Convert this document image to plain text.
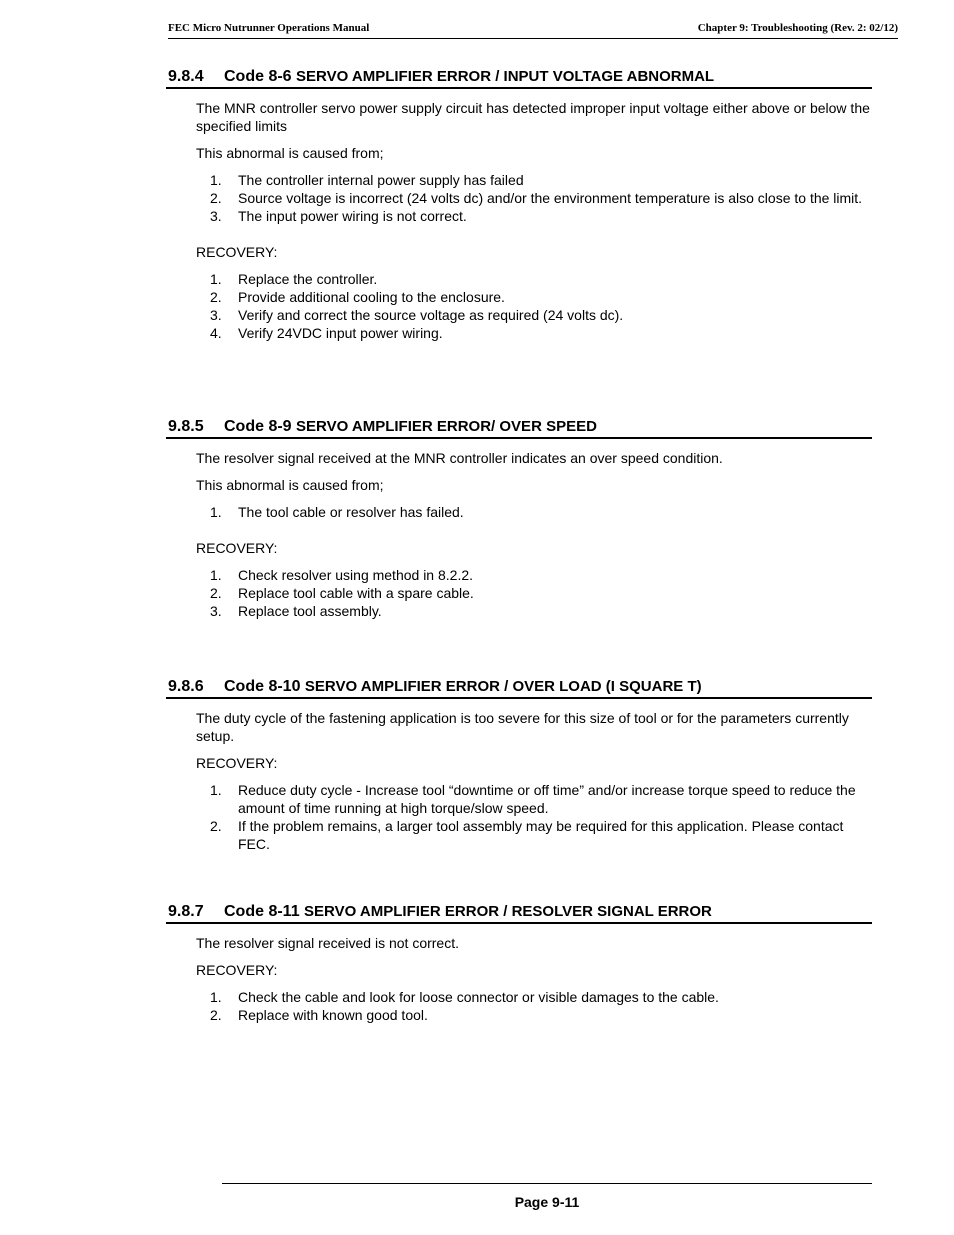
FEC Micro Nutrunner Operations Manual	Chapter 9: Troubleshooting (Rev. 2: 02/12)
9.8.4 Code 8-6 SERVO AMPLIFIER ERROR / INPUT VOLTAGE ABNORMAL
The MNR controller servo power supply circuit has detected improper input voltage either above or below the specified limits
This abnormal is caused from;
1. The controller internal power supply has failed
2. Source voltage is incorrect (24 volts dc) and/or the environment temperature is also close to the limit.
3. The input power wiring is not correct.
RECOVERY:
1. Replace the controller.
2. Provide additional cooling to the enclosure.
3. Verify and correct the source voltage as required (24 volts dc).
4. Verify 24VDC input power wiring.
9.8.5 Code 8-9 SERVO AMPLIFIER ERROR/ OVER SPEED
The resolver signal received at the MNR controller indicates an over speed condition.
This abnormal is caused from;
1. The tool cable or resolver has failed.
RECOVERY:
1. Check resolver using method in 8.2.2.
2. Replace tool cable with a spare cable.
3. Replace tool assembly.
9.8.6 Code 8-10 SERVO AMPLIFIER ERROR / OVER LOAD (I SQUARE T)
The duty cycle of the fastening application is too severe for this size of tool or for the parameters currently setup.
RECOVERY:
1. Reduce duty cycle - Increase tool “downtime or off time” and/or increase torque speed to reduce the amount of time running at high torque/slow speed.
2. If the problem remains, a larger tool assembly may be required for this application. Please contact FEC.
9.8.7 Code 8-11 SERVO AMPLIFIER ERROR / RESOLVER SIGNAL ERROR
The resolver signal received is not correct.
RECOVERY:
1. Check the cable and look for loose connector or visible damages to the cable.
2. Replace with known good tool.
Page 9-11
